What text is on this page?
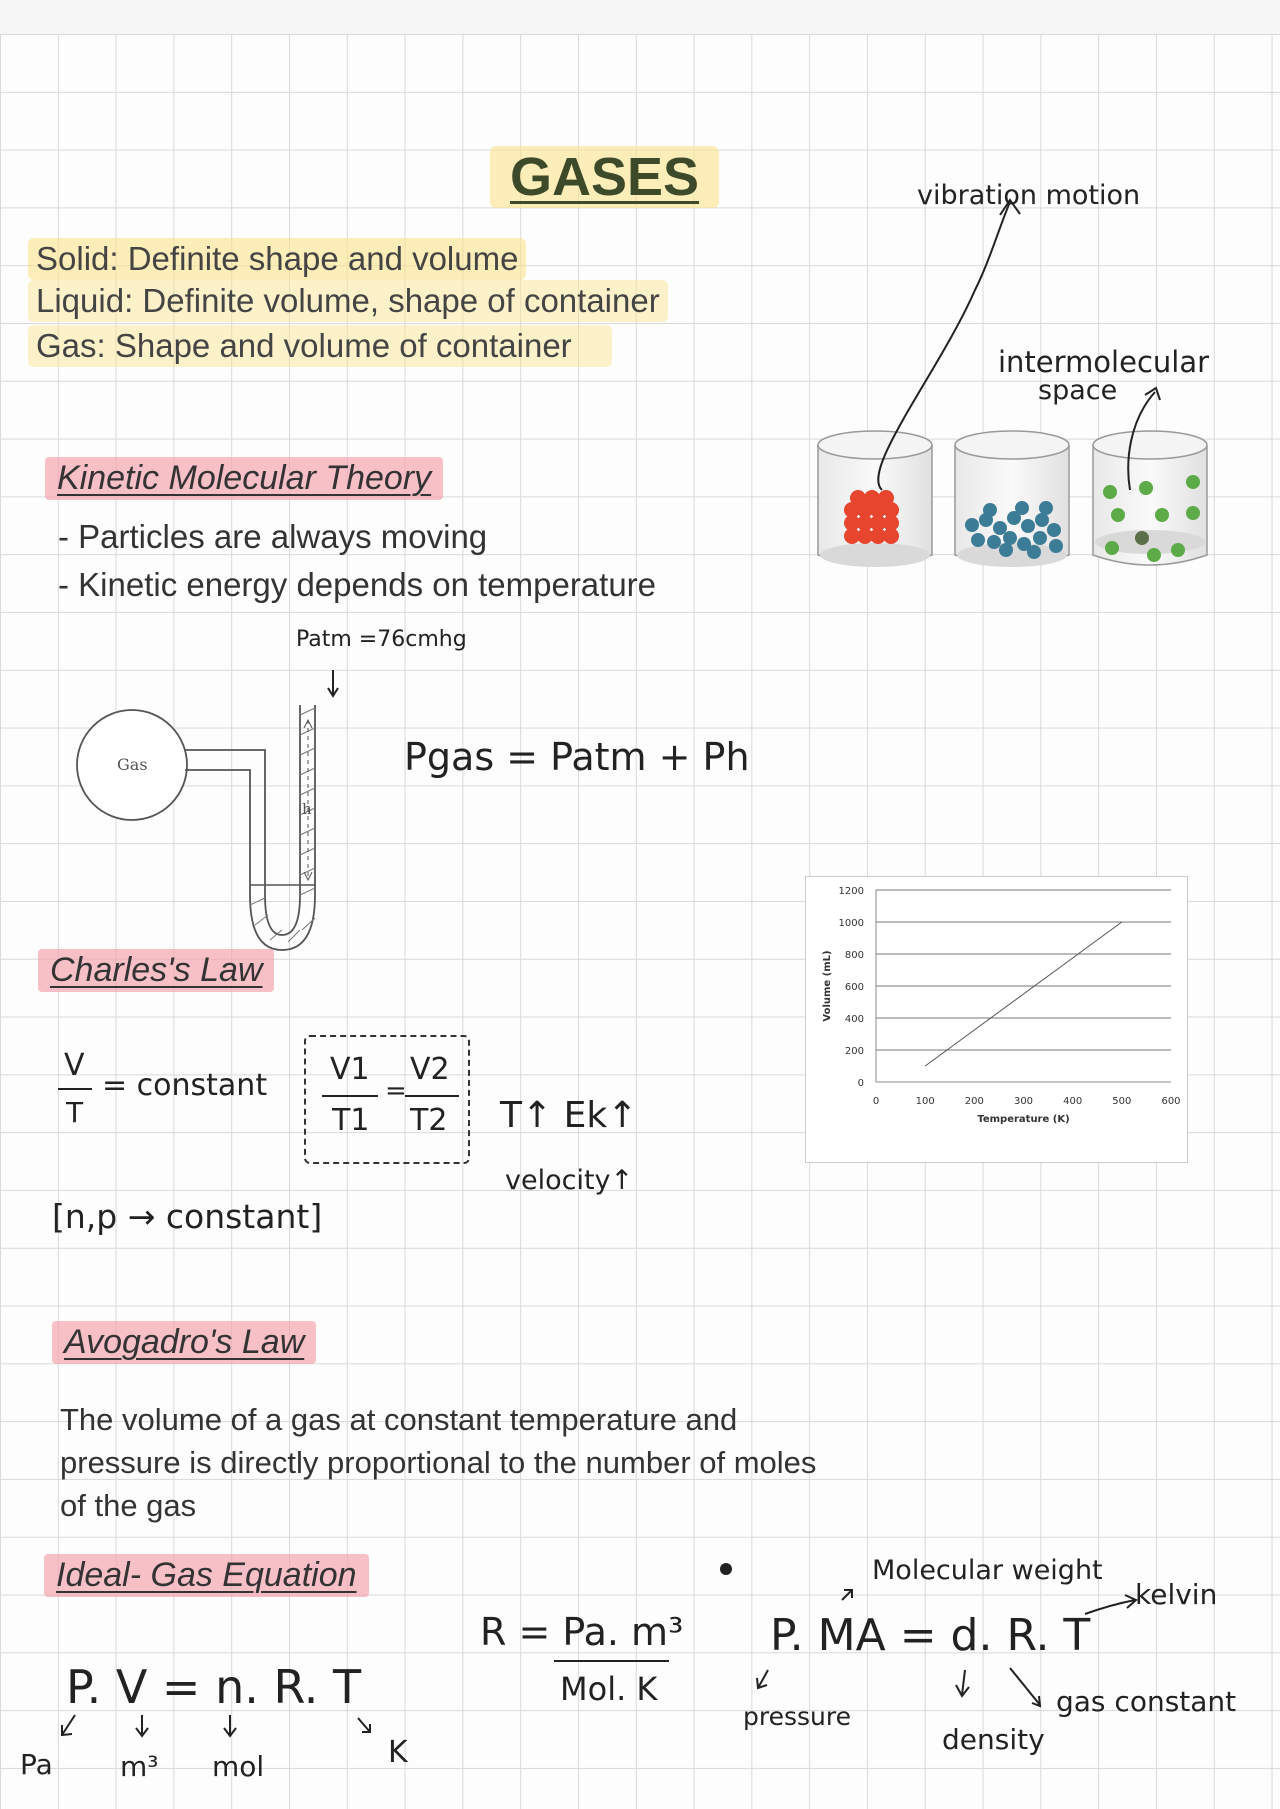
GASES
Solid: Definite shape and volume
Liquid: Definite volume, shape of container
Gas: Shape and volume of container
vibration motion
intermolecular
space
Kinetic Molecular Theory
- Particles are always moving
- Kinetic energy depends on temperature
Gas
h
Patm =76cmhg
Pgas = Patm + Ph
Charles's Law
V
T
= constant V1
T1
=
V2
T2 T↑ Ek↑
velocity↑
[n,p → constant]
0
200
400
600
800
1000
1200
0	100	200	300	400	500	600
Temperature (K)
Volume (mL)
Avogadro's Law
The volume of a gas at constant temperature and
pressure is directly proportional to the number of moles
of the gas
Ideal- Gas Equation
P. V = n. R. T
Pa m³ mol	K
R = Pa. m³
Mol. K
P. MA = d. R. T
Molecular weight
kelvin
pressure
density
gas constant
